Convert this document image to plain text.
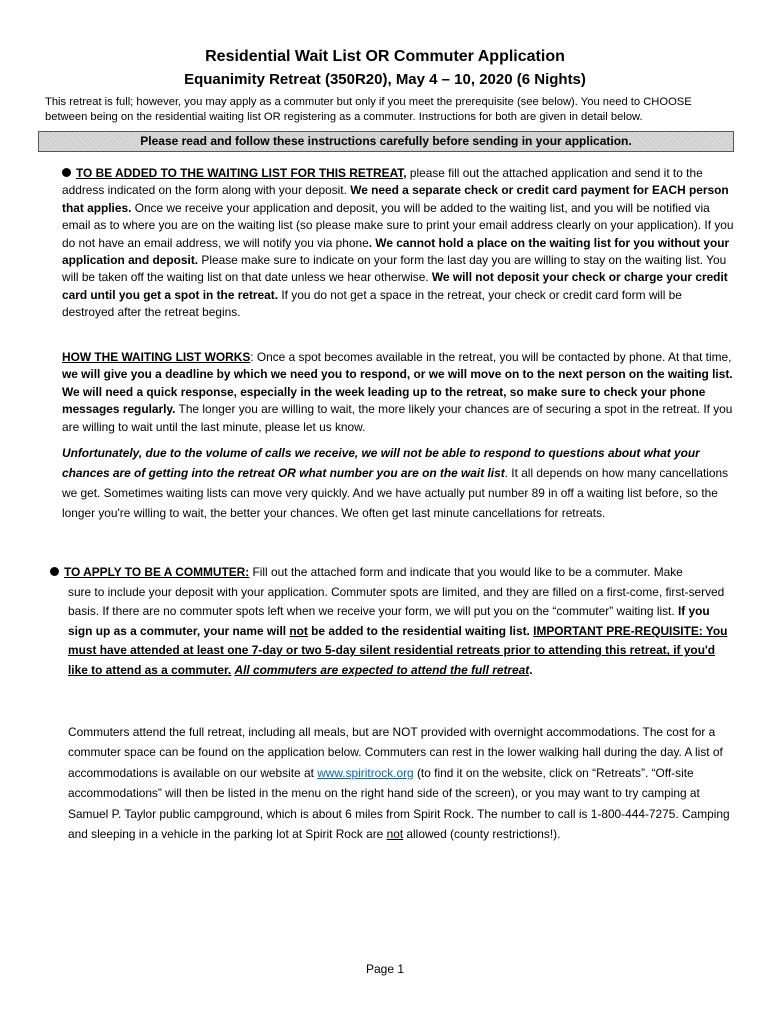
Residential Wait List OR Commuter Application
Equanimity Retreat (350R20), May 4 – 10, 2020 (6 Nights)
This retreat is full; however, you may apply as a commuter but only if you meet the prerequisite (see below). You need to CHOOSE between being on the residential waiting list OR registering as a commuter. Instructions for both are given in detail below.
Please read and follow these instructions carefully before sending in your application.
TO BE ADDED TO THE WAITING LIST FOR THIS RETREAT, please fill out the attached application and send it to the address indicated on the form along with your deposit. We need a separate check or credit card payment for EACH person that applies. Once we receive your application and deposit, you will be added to the waiting list, and you will be notified via email as to where you are on the waiting list (so please make sure to print your email address clearly on your application). If you do not have an email address, we will notify you via phone. We cannot hold a place on the waiting list for you without your application and deposit. Please make sure to indicate on your form the last day you are willing to stay on the waiting list. You will be taken off the waiting list on that date unless we hear otherwise. We will not deposit your check or charge your credit card until you get a spot in the retreat. If you do not get a space in the retreat, your check or credit card form will be destroyed after the retreat begins.
HOW THE WAITING LIST WORKS: Once a spot becomes available in the retreat, you will be contacted by phone. At that time, we will give you a deadline by which we need you to respond, or we will move on to the next person on the waiting list. We will need a quick response, especially in the week leading up to the retreat, so make sure to check your phone messages regularly. The longer you are willing to wait, the more likely your chances are of securing a spot in the retreat. If you are willing to wait until the last minute, please let us know.
Unfortunately, due to the volume of calls we receive, we will not be able to respond to questions about what your chances are of getting into the retreat OR what number you are on the wait list. It all depends on how many cancellations we get. Sometimes waiting lists can move very quickly. And we have actually put number 89 in off a waiting list before, so the longer you're willing to wait, the better your chances. We often get last minute cancellations for retreats.
TO APPLY TO BE A COMMUTER: Fill out the attached form and indicate that you would like to be a commuter. Make
sure to include your deposit with your application. Commuter spots are limited, and they are filled on a first-come, first-served basis. If there are no commuter spots left when we receive your form, we will put you on the “commuter” waiting list. If you sign up as a commuter, your name will not be added to the residential waiting list. IMPORTANT PRE-REQUISITE: You must have attended at least one 7-day or two 5-day silent residential retreats prior to attending this retreat, if you'd like to attend as a commuter. All commuters are expected to attend the full retreat.
Commuters attend the full retreat, including all meals, but are NOT provided with overnight accommodations. The cost for a commuter space can be found on the application below. Commuters can rest in the lower walking hall during the day. A list of accommodations is available on our website at www.spiritrock.org (to find it on the website, click on “Retreats”. “Off-site accommodations” will then be listed in the menu on the right hand side of the screen), or you may want to try camping at Samuel P. Taylor public campground, which is about 6 miles from Spirit Rock. The number to call is 1-800-444-7275. Camping and sleeping in a vehicle in the parking lot at Spirit Rock are not allowed (county restrictions!).
Page 1
